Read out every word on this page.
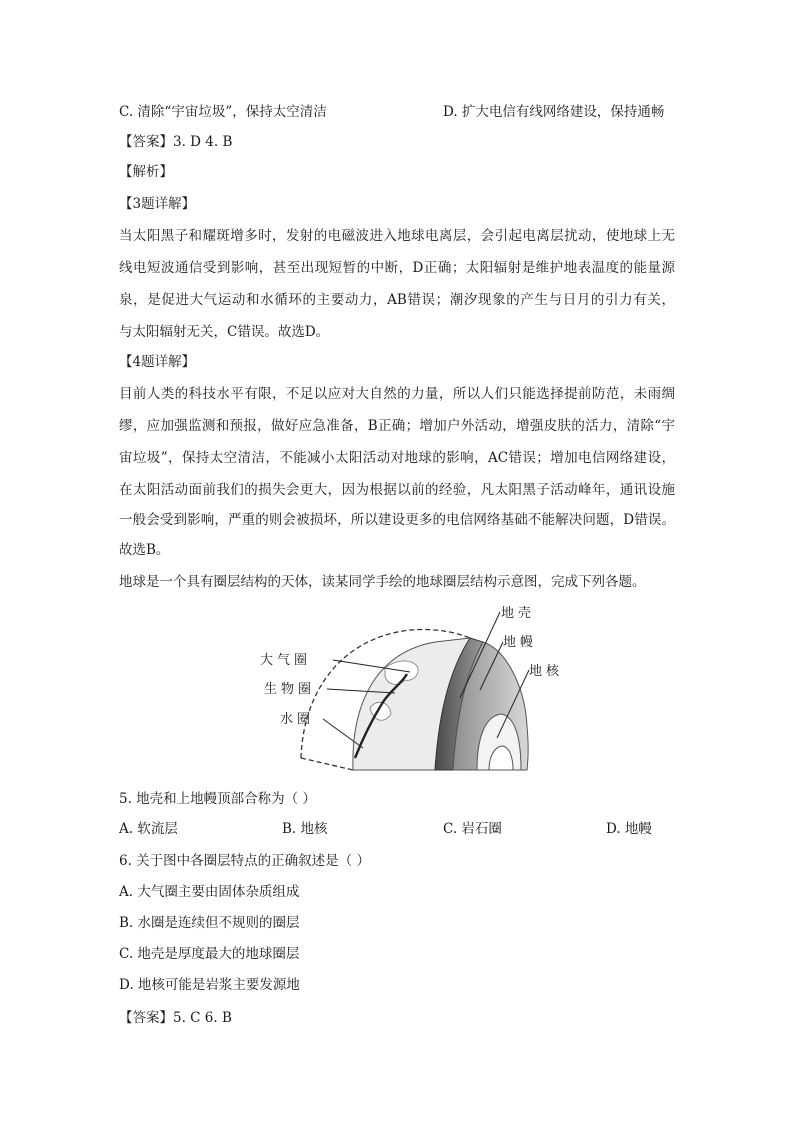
C. 清除“宇宙垃圾”，保持太空清洁	D. 扩大电信有线网络建设，保持通畅
【答案】3. D 4. B
【解析】
【3题详解】
当太阳黑子和耀斑增多时，发射的电磁波进入地球电离层，会引起电离层扰动，使地球上无
线电短波通信受到影响，甚至出现短暂的中断，D正确；太阳辐射是维护地表温度的能量源
泉，是促进大气运动和水循环的主要动力，AB错误；潮汐现象的产生与日月的引力有关，
与太阳辐射无关，C错误。故选D。
【4题详解】
目前人类的科技水平有限，不足以应对大自然的力量，所以人们只能选择提前防范，未雨绸
缪，应加强监测和预报，做好应急准备，B正确；增加户外活动，增强皮肤的活力，清除“宇
宙垃圾”，保持太空清洁，不能减小太阳活动对地球的影响，AC错误；增加电信网络建设，
在太阳活动面前我们的损失会更大，因为根据以前的经验，凡太阳黑子活动峰年，通讯设施
一般会受到影响，严重的则会被损坏，所以建设更多的电信网络基础不能解决问题，D错误。
故选B。
地球是一个具有圈层结构的天体，读某同学手绘的地球圈层结构示意图，完成下列各题。
地壳
地幔
地核
大气圈
生物圈
水圈
5. 地壳和上地幔顶部合称为（ ）
A. 软流层	B. 地核	C. 岩石圈	D. 地幔
6. 关于图中各圈层特点的正确叙述是（ ）
A. 大气圈主要由固体杂质组成
B. 水圈是连续但不规则的圈层
C. 地壳是厚度最大的地球圈层
D. 地核可能是岩浆主要发源地
【答案】5. C 6. B
